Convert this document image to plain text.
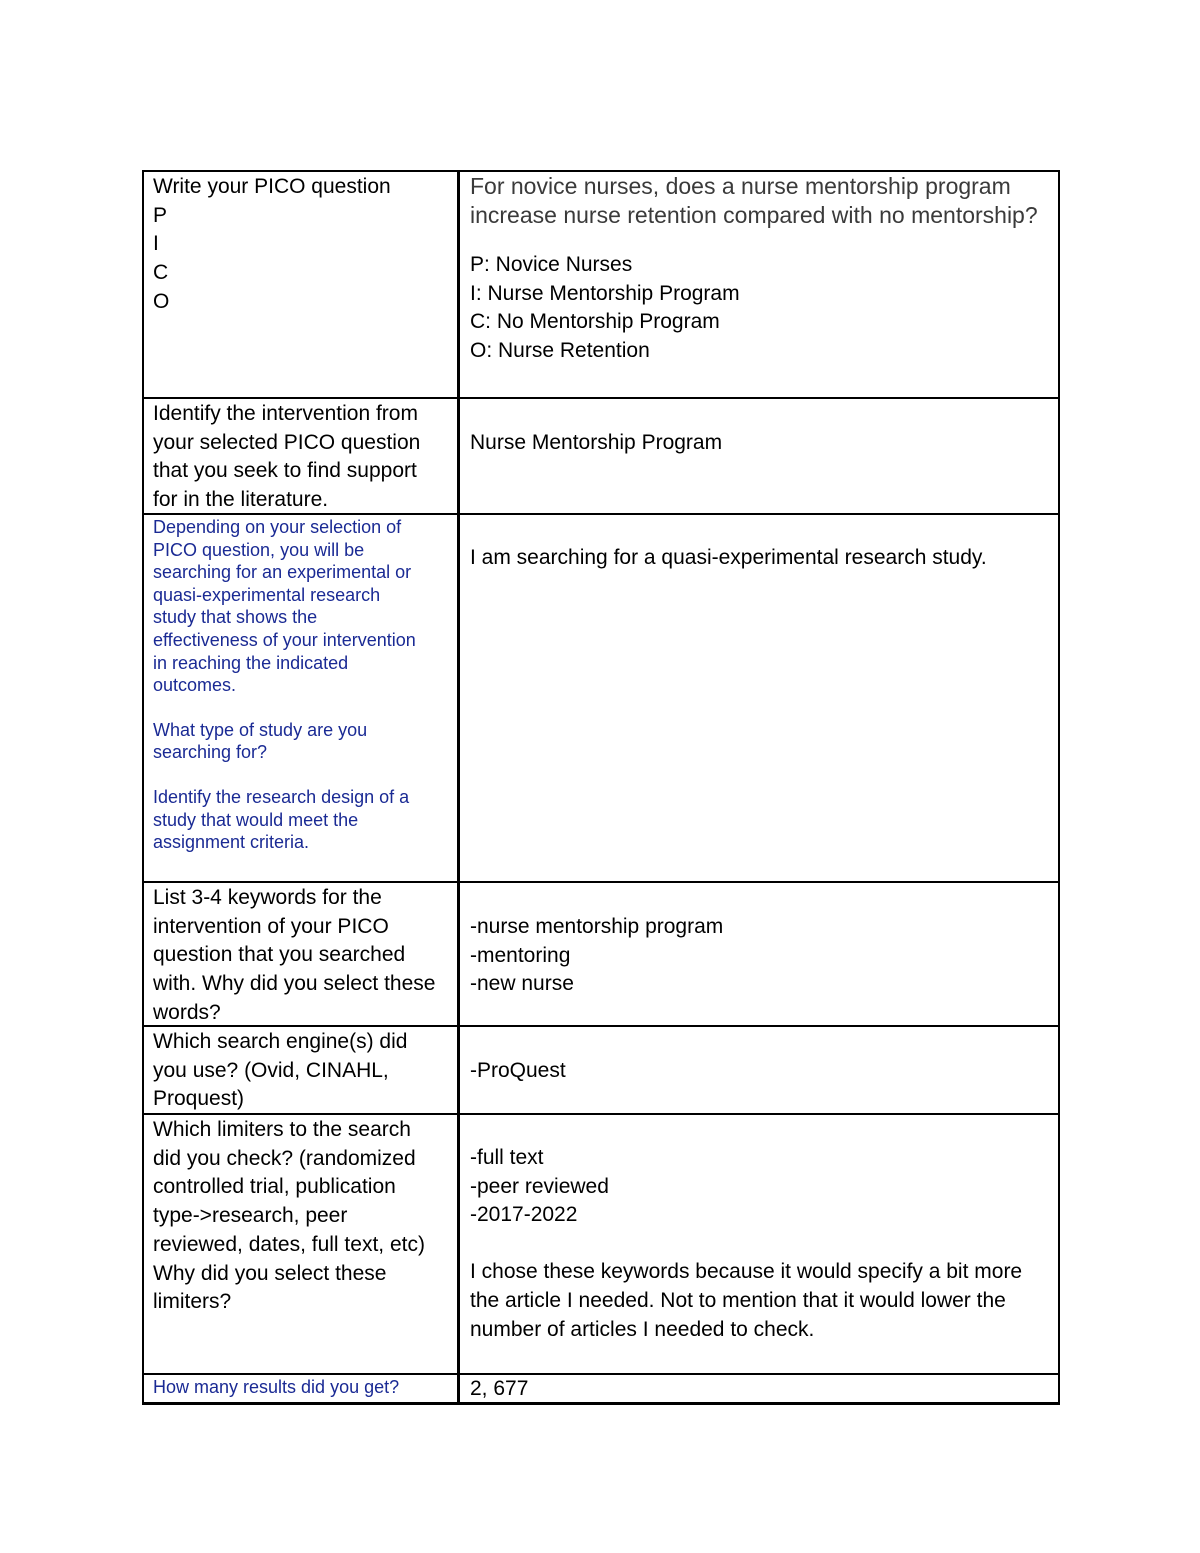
Write your PICO question
P
I
C
O
For novice nurses, does a nurse mentorship program
increase nurse retention compared with no mentorship?
P: Novice Nurses
I: Nurse Mentorship Program
C: No Mentorship Program
O: Nurse Retention
Identify the intervention from
your selected PICO question
that you seek to find support
for in the literature.
Nurse Mentorship Program
Depending on your selection of
PICO question, you will be
searching for an experimental or
quasi-experimental research
study that shows the
effectiveness of your intervention
in reaching the indicated
outcomes.
What type of study are you
searching for?
Identify the research design of a
study that would meet the
assignment criteria.
I am searching for a quasi-experimental research study.
List 3-4 keywords for the
intervention of your PICO
question that you searched
with. Why did you select these
words?
-nurse mentorship program
-mentoring
-new nurse
Which search engine(s) did
you use? (Ovid, CINAHL,
Proquest)
-ProQuest
Which limiters to the search
did you check? (randomized
controlled trial, publication
type->research, peer
reviewed, dates, full text, etc)
Why did you select these
limiters?
-full text
-peer reviewed
-2017-2022
I chose these keywords because it would specify a bit more
the article I needed. Not to mention that it would lower the
number of articles I needed to check.
How many results did you get?	2, 677
